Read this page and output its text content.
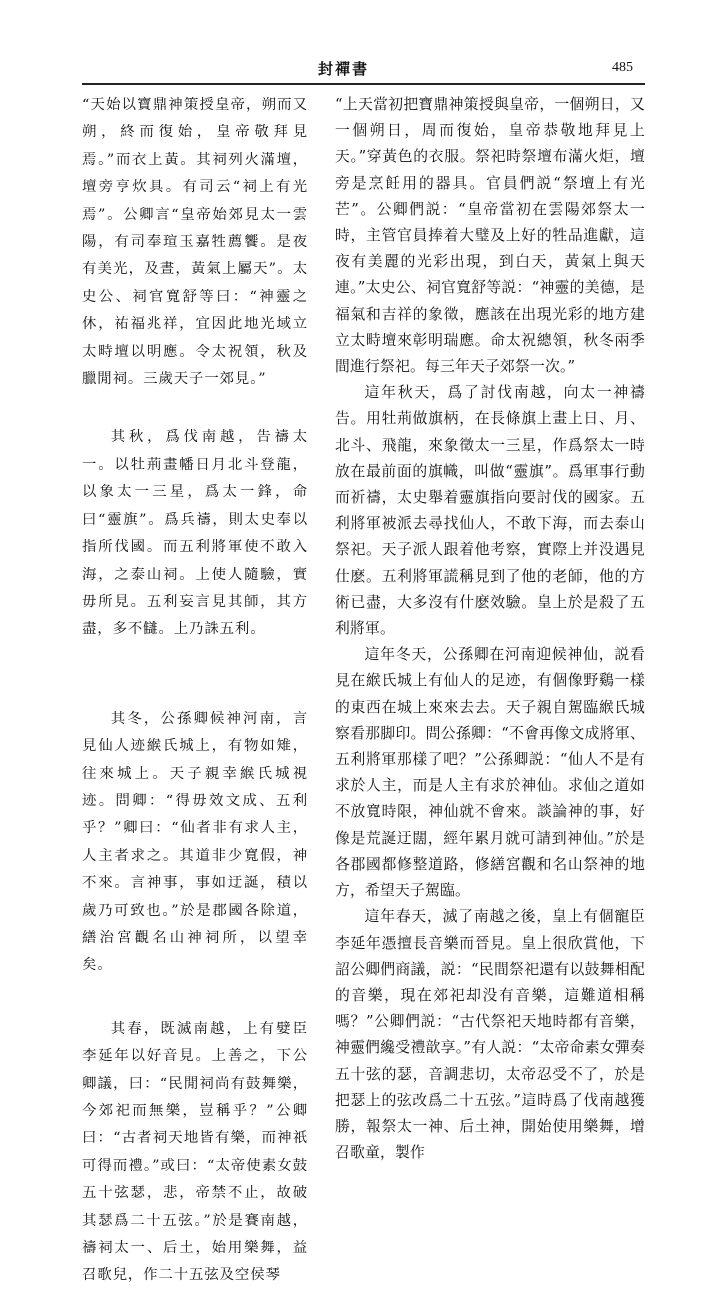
封禪書	485

“天始以寶鼎神策授皇帝，朔而又朔，終而復始，皇帝敬拜見焉。”而衣上黃。其祠列火滿壇，壇旁亨炊具。有司云“祠上有光焉”。公卿言“皇帝始郊見太一雲陽，有司奉瑄玉嘉牲薦饗。是夜有美光，及晝，黃氣上屬天”。太史公、祠官寬舒等曰：“神靈之休，祐福兆祥，宜因此地光域立太畤壇以明應。令太祝領，秋及臘閒祠。三歲天子一郊見。”

其秋，爲伐南越，告禱太一。以牡荊畫幡日月北斗登龍，以象太一三星，爲太一鋒，命曰“靈旗”。爲兵禱，則太史奉以指所伐國。而五利將軍使不敢入海，之泰山祠。上使人隨驗，實毋所見。五利妄言見其師，其方盡，多不讎。上乃誅五利。

其冬，公孫卿候神河南，言見仙人迹緱氏城上，有物如雉，往來城上。天子親幸緱氏城視迹。問卿：“得毋效文成、五利乎？”卿曰：“仙者非有求人主，人主者求之。其道非少寬假，神不來。言神事，事如迂誕，積以歲乃可致也。”於是郡國各除道，繕治宮觀名山神祠所，以望幸矣。

其春，既滅南越，上有嬖臣李延年以好音見。上善之，下公卿議，曰：“民閒祠尚有鼓舞樂，今郊祀而無樂，豈稱乎？”公卿曰：“古者祠天地皆有樂，而神祇可得而禮。”或曰：“太帝使素女鼓五十弦瑟，悲，帝禁不止，故破其瑟爲二十五弦。”於是賽南越，禱祠太一、后土，始用樂舞，益召歌兒，作二十五弦及空侯琴

“上天當初把寶鼎神策授與皇帝，一個朔日，又一個朔日，周而復始，皇帝恭敬地拜見上天。”穿黃色的衣服。祭祀時祭壇布滿火炬，壇旁是烹飪用的器具。官員們説“祭壇上有光芒”。公卿們説：“皇帝當初在雲陽郊祭太一時，主管官員捧着大璧及上好的牲品進獻，這夜有美麗的光彩出現，到白天，黃氣上與天連。”太史公、祠官寬舒等説：“神靈的美德，是福氣和吉祥的象徵，應該在出現光彩的地方建立太畤壇來彰明瑞應。命太祝總領，秋冬兩季間進行祭祀。每三年天子郊祭一次。”

這年秋天，爲了討伐南越，向太一神禱告。用牡荊做旗柄，在長條旗上畫上日、月、北斗、飛龍，來象徵太一三星，作爲祭太一時放在最前面的旗幟，叫做“靈旗”。爲軍事行動而祈禱，太史舉着靈旗指向要討伐的國家。五利將軍被派去尋找仙人，不敢下海，而去泰山祭祀。天子派人跟着他考察，實際上并没遇見仕麽。五利將軍謊稱見到了他的老師，他的方術已盡，大多沒有什麽效驗。皇上於是殺了五利將軍。

這年冬天，公孫卿在河南迎候神仙，説看見在緱氏城上有仙人的足迹，有個像野鷄一樣的東西在城上來來去去。天子親自駕臨緱氏城察看那脚印。問公孫卿：“不會再像文成將軍、五利將軍那樣了吧？”公孫卿説：“仙人不是有求於人主，而是人主有求於神仙。求仙之道如不放寬時限，神仙就不會來。談論神的事，好像是荒誕迂闊，經年累月就可請到神仙。”於是各郡國都修整道路，修繕宮觀和名山祭神的地方，希望天子駕臨。

這年春天，滅了南越之後，皇上有個寵臣李延年憑擅長音樂而晉見。皇上很欣賞他，下詔公卿們商議，説：“民間祭祀還有以鼓舞相配的音樂，現在郊祀却没有音樂，這難道相稱嗎？”公卿們説：“古代祭祀天地時都有音樂，神靈們纔受禮歆享。”有人説：“太帝命素女彈奏五十弦的瑟，音調悲切，太帝忍受不了，於是把瑟上的弦改爲二十五弦。”這時爲了伐南越獲勝，報祭太一神、后土神，開始使用樂舞，增召歌童，製作
